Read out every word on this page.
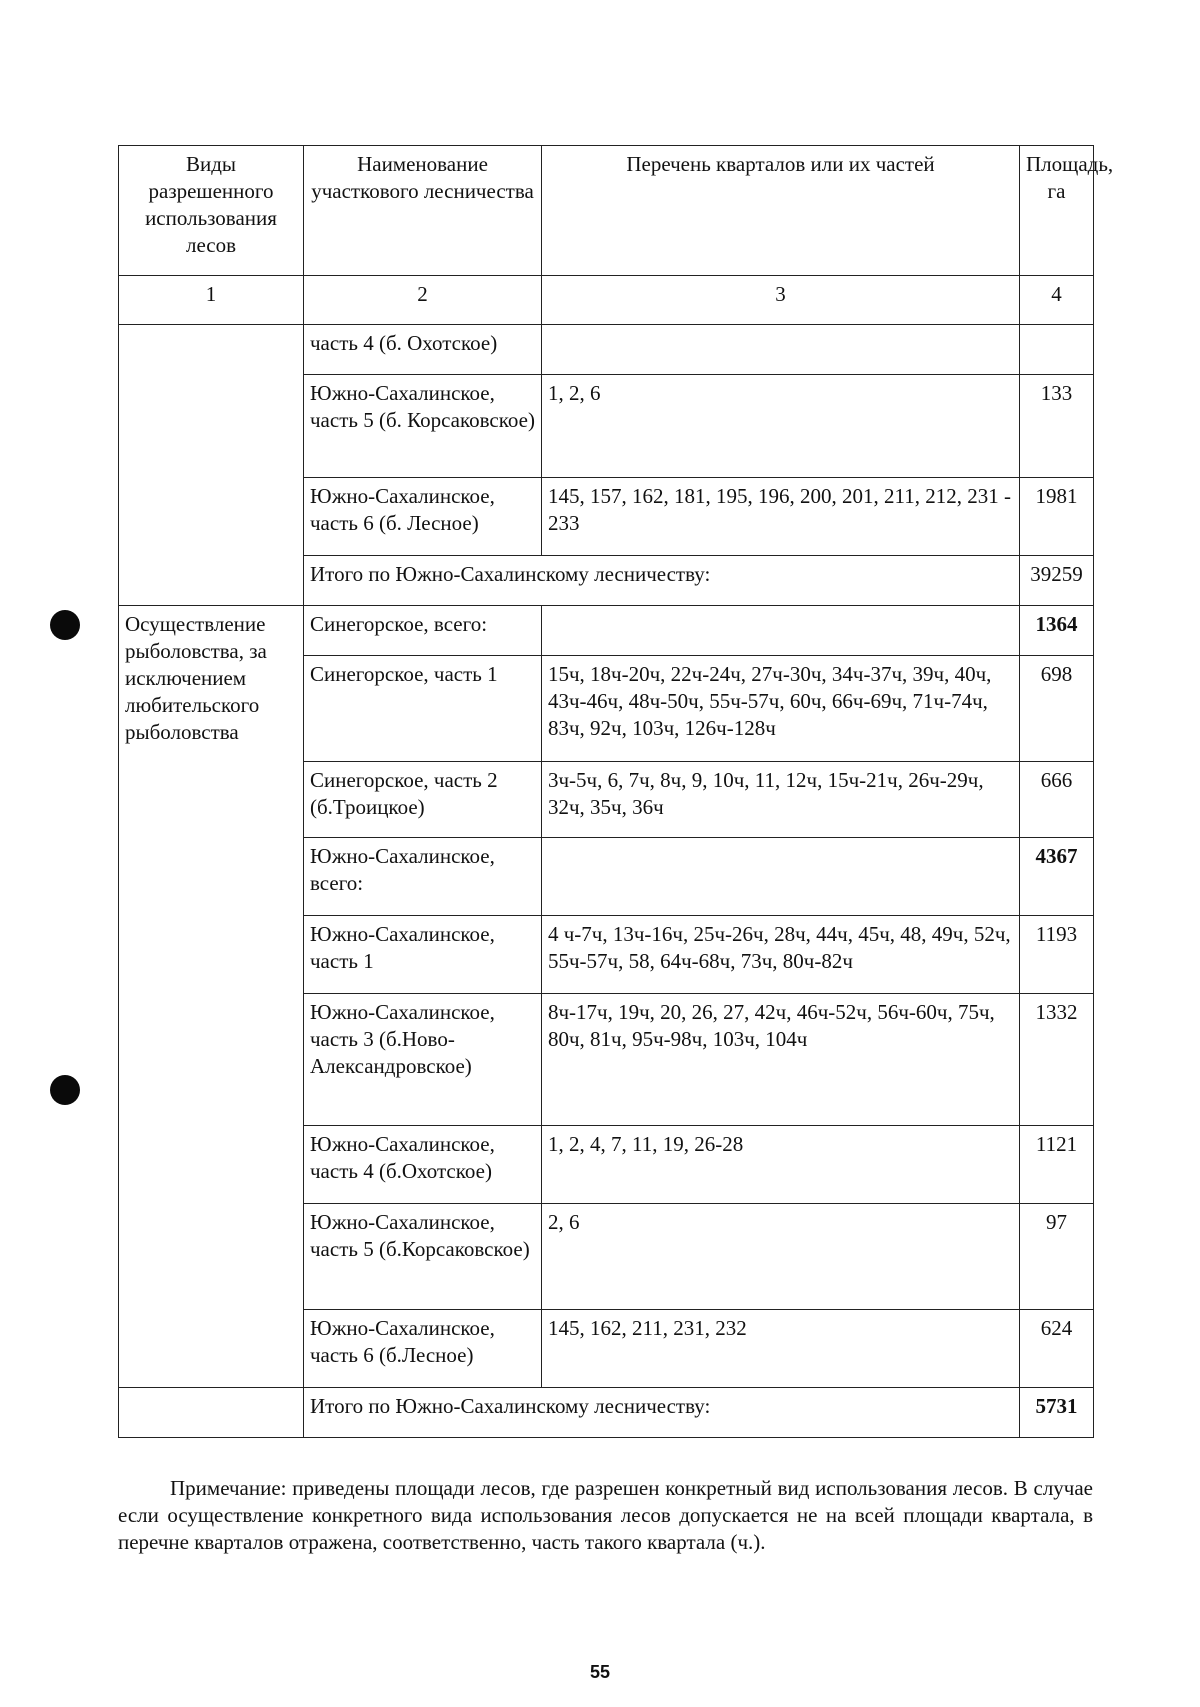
Виды разрешенного использования лесов	Наименование участкового лесничества	Перечень кварталов или их частей	Площадь, га
1	2	3	4
	часть 4 (б. Охотское)		
	Южно-Сахалинское, часть 5 (б. Корсаковское)	1, 2, 6	133
	Южно-Сахалинское, часть 6 (б. Лесное)	145, 157, 162, 181, 195, 196, 200, 201, 211, 212, 231 - 233	1981
	Итого по Южно-Сахалинскому лесничеству:		39259
Осуществление рыболовства, за исключением любительского рыболовства	Синегорское, всего:		1364
	Синегорское, часть 1	15ч, 18ч-20ч, 22ч-24ч, 27ч-30ч, 34ч-37ч, 39ч, 40ч, 43ч-46ч, 48ч-50ч, 55ч-57ч, 60ч, 66ч-69ч, 71ч-74ч, 83ч, 92ч, 103ч, 126ч-128ч	698
	Синегорское, часть 2 (б.Троицкое)	3ч-5ч, 6, 7ч, 8ч, 9, 10ч, 11, 12ч, 15ч-21ч, 26ч-29ч, 32ч, 35ч, 36ч	666
	Южно-Сахалинское, всего:		4367
	Южно-Сахалинское, часть 1	4 ч-7ч, 13ч-16ч, 25ч-26ч, 28ч, 44ч, 45ч, 48, 49ч, 52ч, 55ч-57ч, 58, 64ч-68ч, 73ч, 80ч-82ч	1193
	Южно-Сахалинское, часть 3 (б.Ново-Александровское)	8ч-17ч, 19ч, 20, 26, 27, 42ч, 46ч-52ч, 56ч-60ч, 75ч, 80ч, 81ч, 95ч-98ч, 103ч, 104ч	1332
	Южно-Сахалинское, часть 4 (б.Охотское)	1, 2, 4, 7, 11, 19, 26-28	1121
	Южно-Сахалинское, часть 5 (б.Корсаковское)	2, 6	97
	Южно-Сахалинское, часть 6 (б.Лесное)	145, 162, 211, 231, 232	624
	Итого по Южно-Сахалинскому лесничеству:		5731
Примечание: приведены площади лесов, где разрешен конкретный вид использования лесов. В случае если осуществление конкретного вида использования лесов допускается не на всей площади квартала, в перечне кварталов отражена, соответственно, часть такого квартала (ч.).
55
